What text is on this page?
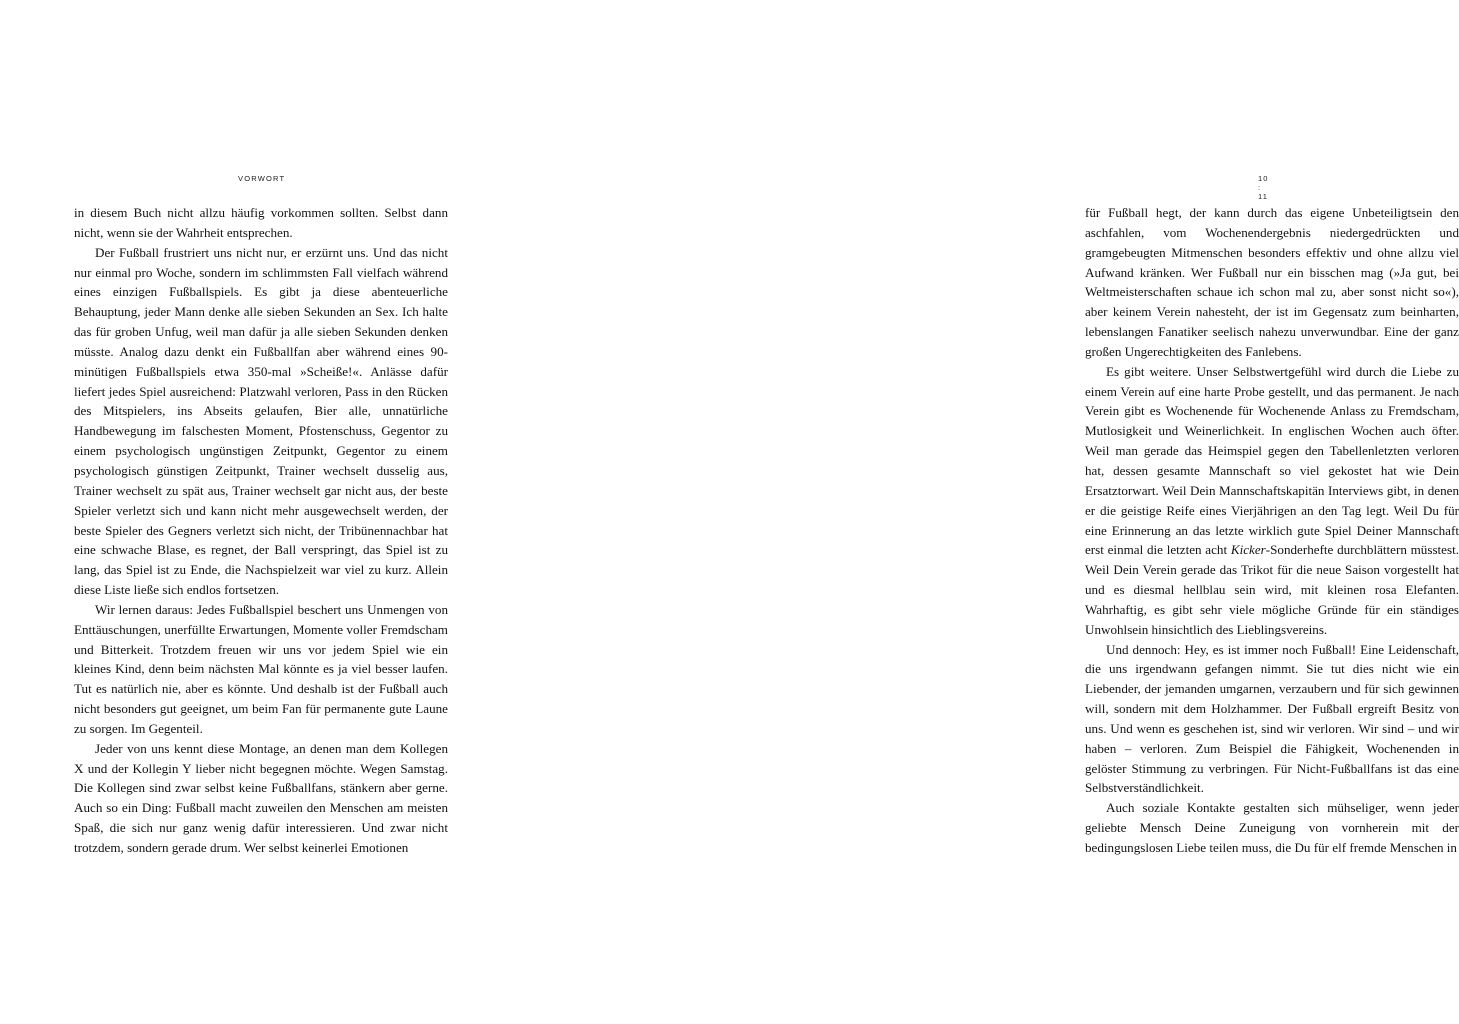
VORWORT

in diesem Buch nicht allzu häufig vorkommen sollten. Selbst dann nicht, wenn sie der Wahrheit entsprechen.

Der Fußball frustriert uns nicht nur, er erzürnt uns. Und das nicht nur einmal pro Woche, sondern im schlimmsten Fall vielfach während eines einzigen Fußballspiels. Es gibt ja diese abenteuerliche Behauptung, jeder Mann denke alle sieben Sekunden an Sex. Ich halte das für groben Unfug, weil man dafür ja alle sieben Sekunden denken müsste. Analog dazu denkt ein Fußballfan aber während eines 90-minütigen Fußballspiels etwa 350-mal »Scheiße!«. Anlässe dafür liefert jedes Spiel ausreichend: Platzwahl verloren, Pass in den Rücken des Mitspielers, ins Abseits gelaufen, Bier alle, unnatürliche Handbewegung im falschesten Moment, Pfostenschuss, Gegentor zu einem psychologisch ungünstigen Zeitpunkt, Gegentor zu einem psychologisch günstigen Zeitpunkt, Trainer wechselt dusselig aus, Trainer wechselt zu spät aus, Trainer wechselt gar nicht aus, der beste Spieler verletzt sich und kann nicht mehr ausgewechselt werden, der beste Spieler des Gegners verletzt sich nicht, der Tribünennachbar hat eine schwache Blase, es regnet, der Ball verspringt, das Spiel ist zu lang, das Spiel ist zu Ende, die Nachspielzeit war viel zu kurz. Allein diese Liste ließe sich endlos fortsetzen.

Wir lernen daraus: Jedes Fußballspiel beschert uns Unmengen von Enttäuschungen, unerfüllte Erwartungen, Momente voller Fremdscham und Bitterkeit. Trotzdem freuen wir uns vor jedem Spiel wie ein kleines Kind, denn beim nächsten Mal könnte es ja viel besser laufen. Tut es natürlich nie, aber es könnte. Und deshalb ist der Fußball auch nicht besonders gut geeignet, um beim Fan für permanente gute Laune zu sorgen. Im Gegenteil.

Jeder von uns kennt diese Montage, an denen man dem Kollegen X und der Kollegin Y lieber nicht begegnen möchte. Wegen Samstag. Die Kollegen sind zwar selbst keine Fußballfans, stänkern aber gerne. Auch so ein Ding: Fußball macht zuweilen den Menschen am meisten Spaß, die sich nur ganz wenig dafür interessieren. Und zwar nicht trotzdem, sondern gerade drum. Wer selbst keinerlei Emotionen

10 : 11

für Fußball hegt, der kann durch das eigene Unbeteiligtsein den aschfahlen, vom Wochenendergebnis niedergedrückten und gramgebeugten Mitmenschen besonders effektiv und ohne allzu viel Aufwand kränken. Wer Fußball nur ein bisschen mag (»Ja gut, bei Weltmeisterschaften schaue ich schon mal zu, aber sonst nicht so«), aber keinem Verein nahesteht, der ist im Gegensatz zum beinharten, lebenslangen Fanatiker seelisch nahezu unverwundbar. Eine der ganz großen Ungerechtigkeiten des Fanlebens.

Es gibt weitere. Unser Selbstwertgefühl wird durch die Liebe zu einem Verein auf eine harte Probe gestellt, und das permanent. Je nach Verein gibt es Wochenende für Wochenende Anlass zu Fremdscham, Mutlosigkeit und Weinerlichkeit. In englischen Wochen auch öfter. Weil man gerade das Heimspiel gegen den Tabellenletzten verloren hat, dessen gesamte Mannschaft so viel gekostet hat wie Dein Ersatztorwart. Weil Dein Mannschaftskapitän Interviews gibt, in denen er die geistige Reife eines Vierjährigen an den Tag legt. Weil Du für eine Erinnerung an das letzte wirklich gute Spiel Deiner Mannschaft erst einmal die letzten acht Kicker-Sonderhefte durchblättern müsstest. Weil Dein Verein gerade das Trikot für die neue Saison vorgestellt hat und es diesmal hellblau sein wird, mit kleinen rosa Elefanten. Wahrhaftig, es gibt sehr viele mögliche Gründe für ein ständiges Unwohlsein hinsichtlich des Lieblingsvereins.

Und dennoch: Hey, es ist immer noch Fußball! Eine Leidenschaft, die uns irgendwann gefangen nimmt. Sie tut dies nicht wie ein Liebender, der jemanden umgarnen, verzaubern und für sich gewinnen will, sondern mit dem Holzhammer. Der Fußball ergreift Besitz von uns. Und wenn es geschehen ist, sind wir verloren. Wir sind – und wir haben – verloren. Zum Beispiel die Fähigkeit, Wochenenden in gelöster Stimmung zu verbringen. Für Nicht-Fußballfans ist das eine Selbstverständlichkeit.

Auch soziale Kontakte gestalten sich mühseliger, wenn jeder geliebte Mensch Deine Zuneigung von vornherein mit der bedingungslosen Liebe teilen muss, die Du für elf fremde Menschen in
